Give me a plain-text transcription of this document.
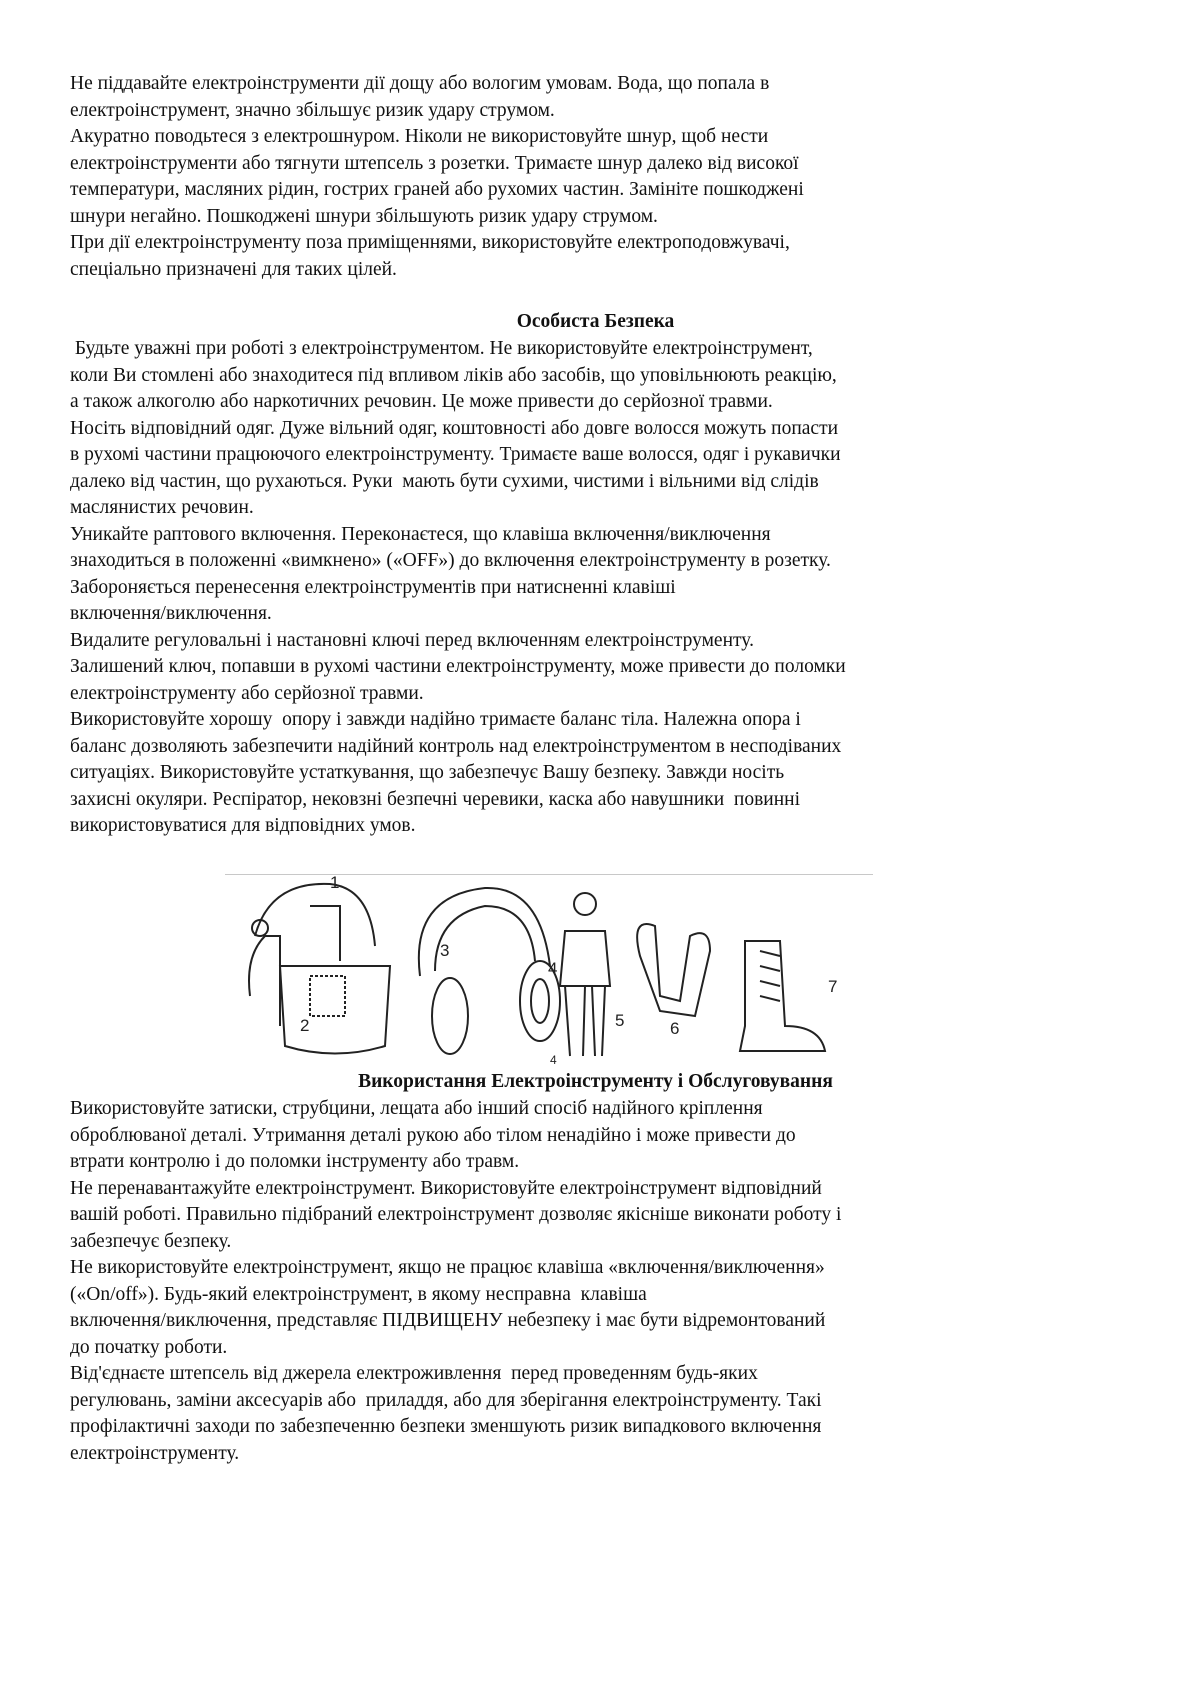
Не піддавайте електроінструменти дії дощу або вологим умовам. Вода, що попала в
електроінструмент, значно збільшує ризик удару струмом.
Акуратно поводьтеся з електрошнуром. Ніколи не використовуйте шнур, щоб нести
електроінструменти або тягнути штепсель з розетки. Тримаєте шнур далеко від високої
температури, масляних рідин, гострих граней або рухомих частин. Замініте пошкоджені
шнури негайно. Пошкоджені шнури збільшують ризик удару струмом.
При дії електроінструменту поза приміщеннями, використовуйте електроподовжувачі,
спеціально призначені для таких цілей.
Особиста Безпека
Будьте уважні при роботі з електроінструментом. Не використовуйте електроінструмент,
коли Ви стомлені або знаходитеся під впливом ліків або засобів, що уповільнюють реакцію,
а також алкоголю або наркотичних речовин. Це може привести до серйозної травми.
Носіть відповідний одяг. Дуже вільний одяг, коштовності або довге волосся можуть попасти
в рухомі частини працюючого електроінструменту. Тримаєте ваше волосся, одяг і рукавички
далеко від частин, що рухаються. Руки  мають бути сухими, чистими і вільними від слідів
маслянистих речовин.
Уникайте раптового включення. Переконаєтеся, що клавіша включення/виключення
знаходиться в положенні «вимкнено» («OFF») до включення електроінструменту в розетку.
Забороняється перенесення електроінструментів при натисненні клавіші
включення/виключення.
Видалите регуловальні і настановні ключі перед включенням електроінструменту.
Залишений ключ, попавши в рухомі частини електроінструменту, може привести до поломки
електроінструменту або серйозної травми.
Використовуйте хорошу  опору і завжди надійно тримаєте баланс тіла. Належна опора і
баланс дозволяють забезпечити надійний контроль над електроінструментом в несподіваних
ситуаціях. Використовуйте устаткування, що забезпечує Вашу безпеку. Завжди носіть
захисні окуляри. Респіратор, нековзні безпечні черевики, каска або навушники  повинні
використовуватися для відповідних умов.
1
2
3
4
4
5	6
7
Використання Електроінструменту і Обслуговування
Використовуйте затиски, струбцини, лещата або інший спосіб надійного кріплення
оброблюваної деталі. Утримання деталі рукою або тілом ненадійно і може привести до
втрати контролю і до поломки інструменту або травм.
Не перенавантажуйте електроінструмент. Використовуйте електроінструмент відповідний
вашій роботі. Правильно підібраний електроінструмент дозволяє якісніше виконати роботу і
забезпечує безпеку.
Не використовуйте електроінструмент, якщо не працює клавіша «включення/виключення»
(«On/off»). Будь-який електроінструмент, в якому несправна  клавіша
включення/виключення, представляє ПІДВИЩЕНУ небезпеку і має бути відремонтований
до початку роботи.
Від'єднаєте штепсель від джерела електроживлення  перед проведенням будь-яких
регулювань, заміни аксесуарів або  приладдя, або для зберігання електроінструменту. Такі
профілактичні заходи по забезпеченню безпеки зменшують ризик випадкового включення
електроінструменту.
